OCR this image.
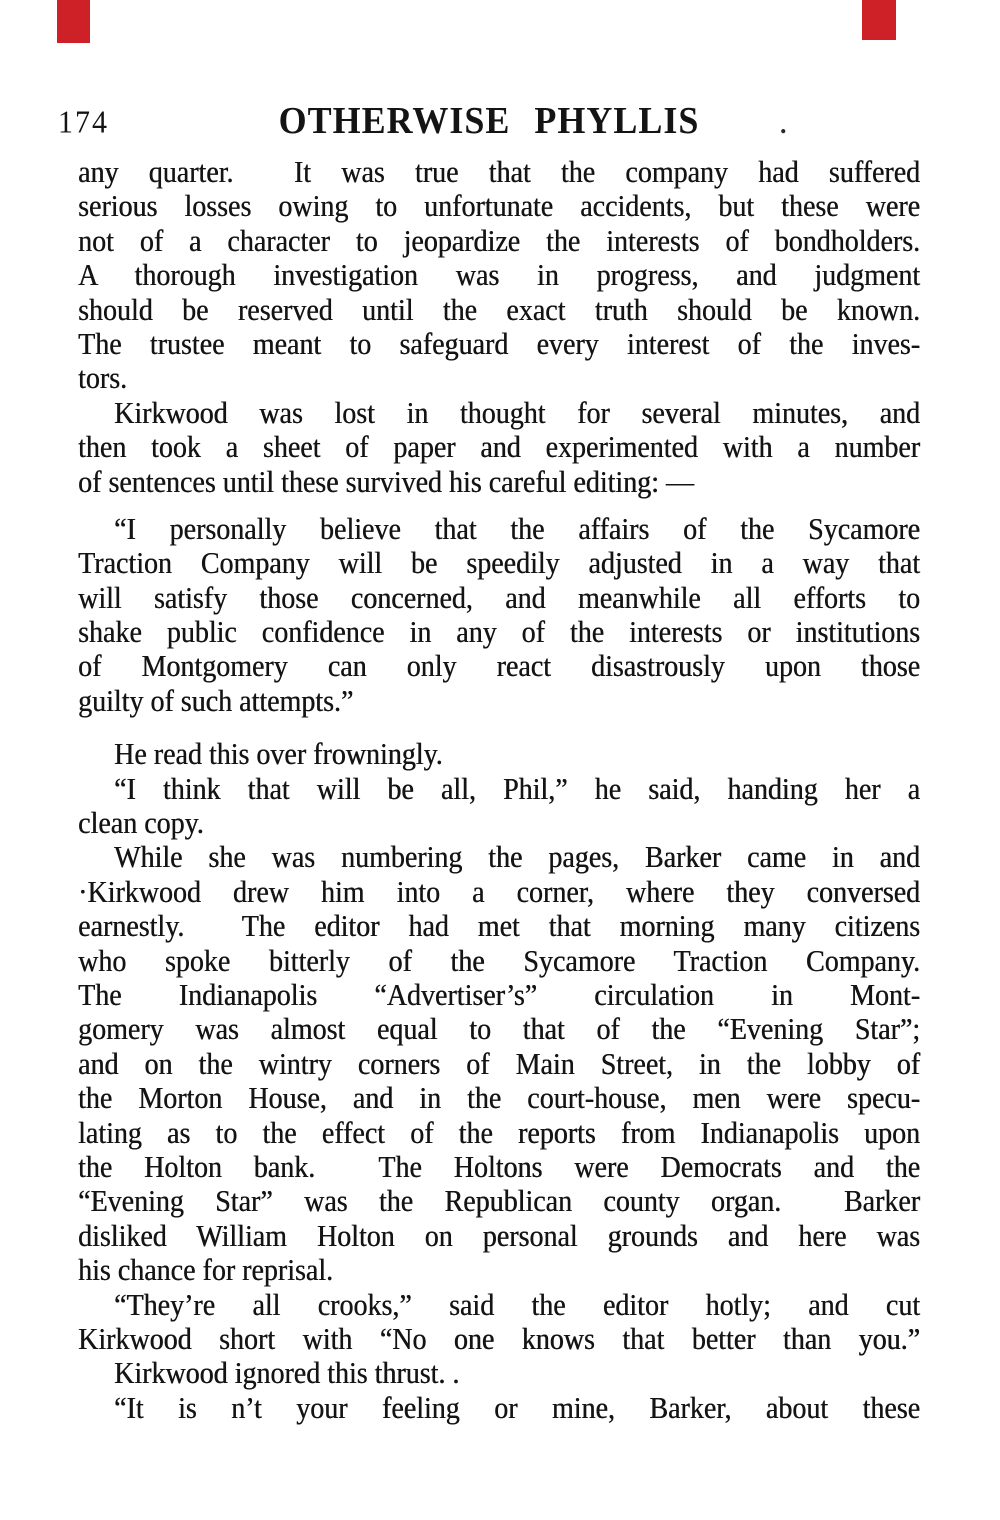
174	OTHERWISE PHYLLIS	.
any quarter.  It was true that the company had suffered
serious losses owing to unfortunate accidents, but these were
not of a character to jeopardize the interests of bondholders.
A thorough investigation was in progress, and judgment
should be reserved until the exact truth should be known.
The trustee meant to safeguard every interest of the inves-
tors.
Kirkwood was lost in thought for several minutes, and
then took a sheet of paper and experimented with a number
of sentences until these survived his careful editing: —
“I personally believe that the affairs of the Sycamore
Traction Company will be speedily adjusted in a way that
will satisfy those concerned, and meanwhile all efforts to
shake public confidence in any of the interests or institutions
of Montgomery can only react disastrously upon those
guilty of such attempts.”
He read this over frowningly.
“I think that will be all, Phil,” he said, handing her a
clean copy.
While she was numbering the pages, Barker came in and
·Kirkwood drew him into a corner, where they conversed
earnestly.  The editor had met that morning many citizens
who spoke bitterly of the Sycamore Traction Company.
The Indianapolis “Advertiser’s” circulation in Mont-
gomery was almost equal to that of the “Evening Star”;
and on the wintry corners of Main Street, in the lobby of
the Morton House, and in the court-house, men were specu-
lating as to the effect of the reports from Indianapolis upon
the Holton bank.  The Holtons were Democrats and the
“Evening Star” was the Republican county organ.  Barker
disliked William Holton on personal grounds and here was
his chance for reprisal.
“They’re all crooks,” said the editor hotly; and cut
Kirkwood short with “No one knows that better than you.”
Kirkwood ignored this thrust. .
“It is n’t your feeling or mine, Barker, about these
